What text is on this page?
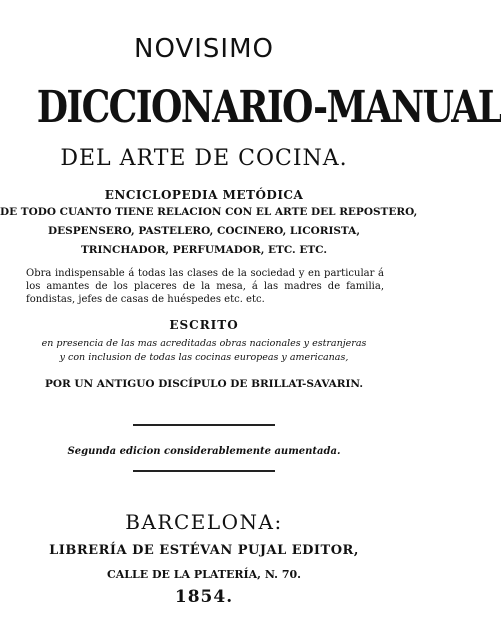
NOVISIMO
DICCIONARIO-MANUAL
DEL ARTE DE COCINA.
ENCICLOPEDIA METÓDICA
DE TODO CUANTO TIENE RELACION CON EL ARTE DEL REPOSTERO,
DESPENSERO, PASTELERO, COCINERO, LICORISTA,
TRINCHADOR, PERFUMADOR, ETC. ETC.
Obra indispensable á todas las clases de la sociedad y en particular á los amantes de los placeres de la mesa, á las madres de familia, fondistas, jefes de casas de huéspedes etc. etc.
ESCRITO
en presencia de las mas acreditadas obras nacionales y estranjeras
y con inclusion de todas las cocinas europeas y americanas,
POR UN ANTIGUO DISCÍPULO DE BRILLAT-SAVARIN.
Segunda edicion considerablemente aumentada.
BARCELONA:
LIBRERÍA DE ESTÉVAN PUJAL EDITOR,
CALLE DE LA PLATERÍA, N. 70.
1854.
